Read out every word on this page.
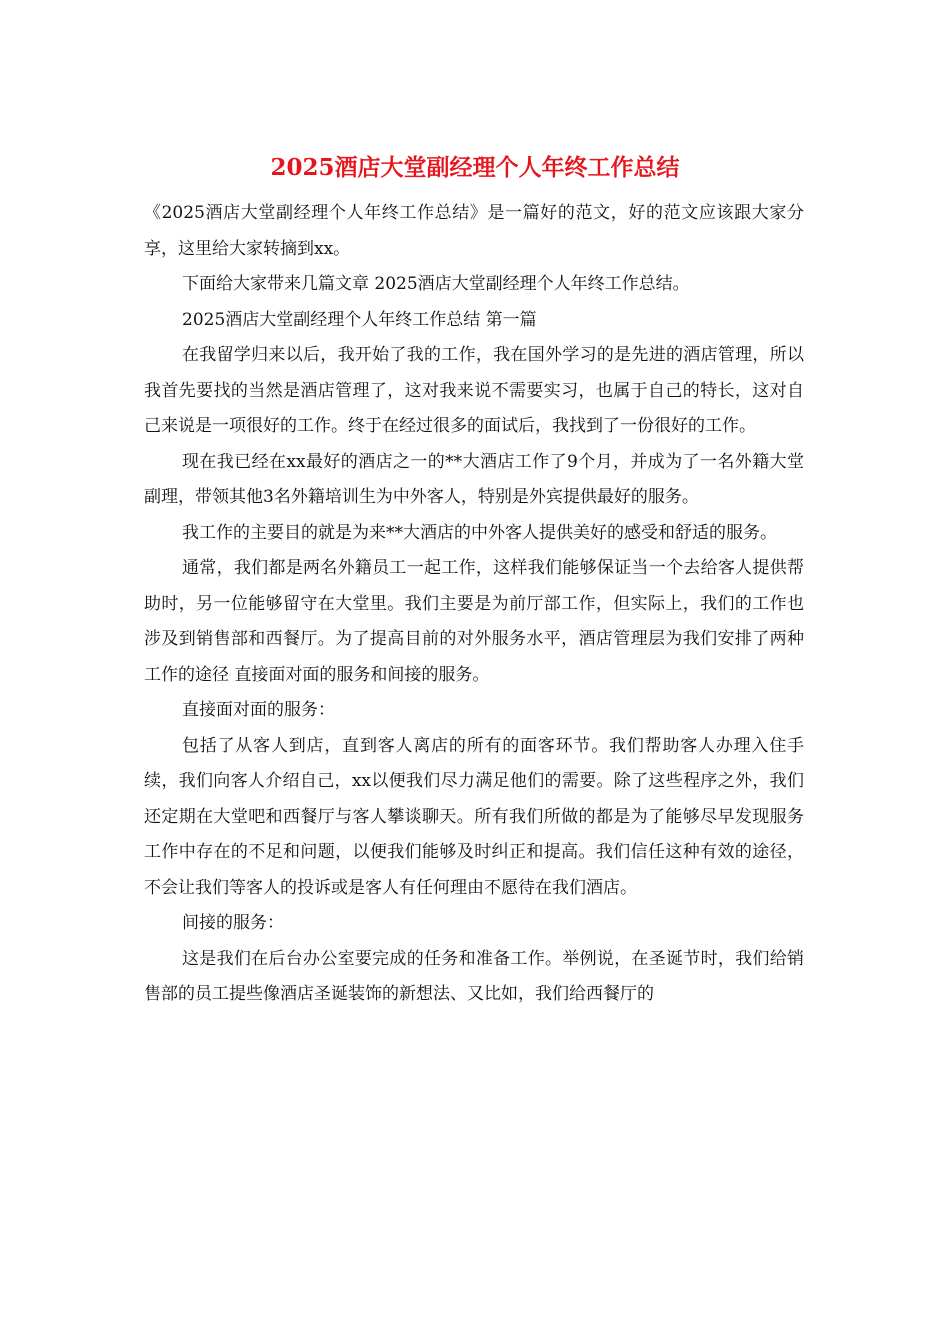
2025酒店大堂副经理个人年终工作总结

《2025酒店大堂副经理个人年终工作总结》是一篇好的范文，好的范文应该跟大家分享，这里给大家转摘到xx。

下面给大家带来几篇文章 2025酒店大堂副经理个人年终工作总结。

2025酒店大堂副经理个人年终工作总结 第一篇

在我留学归来以后，我开始了我的工作，我在国外学习的是先进的酒店管理，所以我首先要找的当然是酒店管理了，这对我来说不需要实习，也属于自己的特长，这对自己来说是一项很好的工作。终于在经过很多的面试后，我找到了一份很好的工作。

现在我已经在xx最好的酒店之一的**大酒店工作了9个月，并成为了一名外籍大堂副理，带领其他3名外籍培训生为中外客人，特别是外宾提供最好的服务。

我工作的主要目的就是为来**大酒店的中外客人提供美好的感受和舒适的服务。

通常，我们都是两名外籍员工一起工作，这样我们能够保证当一个去给客人提供帮助时，另一位能够留守在大堂里。我们主要是为前厅部工作，但实际上，我们的工作也涉及到销售部和西餐厅。为了提高目前的对外服务水平，酒店管理层为我们安排了两种工作的途径 直接面对面的服务和间接的服务。

直接面对面的服务：

包括了从客人到店，直到客人离店的所有的面客环节。我们帮助客人办理入住手续，我们向客人介绍自己，xx以便我们尽力满足他们的需要。除了这些程序之外，我们还定期在大堂吧和西餐厅与客人攀谈聊天。所有我们所做的都是为了能够尽早发现服务工作中存在的不足和问题，以便我们能够及时纠正和提高。我们信任这种有效的途径，不会让我们等客人的投诉或是客人有任何理由不愿待在我们酒店。

间接的服务：

这是我们在后台办公室要完成的任务和准备工作。举例说，在圣诞节时，我们给销售部的员工提些像酒店圣诞装饰的新想法、又比如，我们给西餐厅的
